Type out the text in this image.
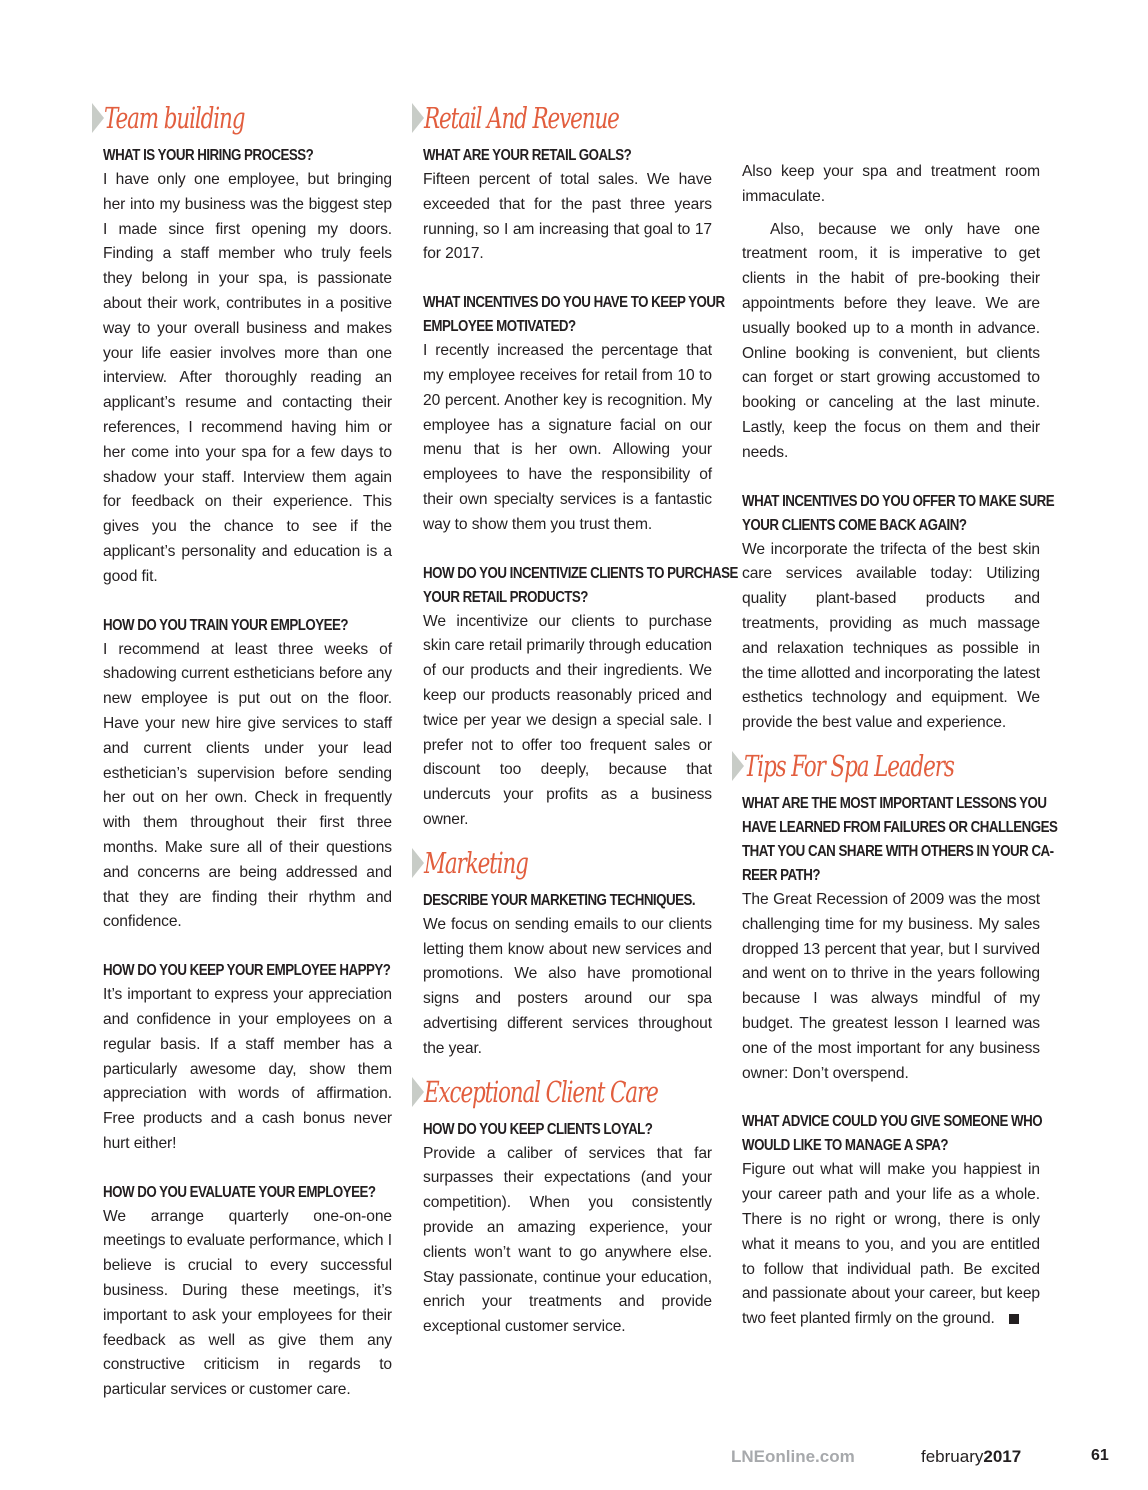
Team building
WHAT IS YOUR HIRING PROCESS?

I have only one employee, but bringing her into my business was the biggest step I made since first opening my doors. Finding a staff member who truly feels they belong in your spa, is passionate about their work, contributes in a positive way to your overall business and makes your life easier involves more than one interview. After thoroughly reading an applicant’s resume and contacting their references, I recommend having him or her come into your spa for a few days to shadow your staff. Interview them again for feedback on their experience. This gives you the chance to see if the applicant’s personality and education is a good fit.

HOW DO YOU TRAIN YOUR EMPLOYEE?

I recommend at least three weeks of shadowing current estheticians before any new employee is put out on the floor. Have your new hire give services to staff and current clients under your lead esthetician’s supervision before sending her out on her own. Check in frequently with them throughout their first three months. Make sure all of their questions and concerns are being addressed and that they are finding their rhythm and confidence.

HOW DO YOU KEEP YOUR EMPLOYEE HAPPY?

It’s important to express your appreciation and confidence in your employees on a regular basis. If a staff member has a particularly awesome day, show them appreciation with words of affirmation. Free products and a cash bonus never hurt either!

HOW DO YOU EVALUATE YOUR EMPLOYEE?

We arrange quarterly one-on-one meetings to evaluate performance, which I believe is crucial to every successful business. During these meetings, it’s important to ask your employees for their feedback as well as give them any constructive criticism in regards to particular services or customer care.

Retail And Revenue
WHAT ARE YOUR RETAIL GOALS?

Fifteen percent of total sales. We have exceeded that for the past three years running, so I am increasing that goal to 17 for 2017.

WHAT INCENTIVES DO YOU HAVE TO KEEP YOUR
EMPLOYEE MOTIVATED?

I recently increased the percentage that my employee receives for retail from 10 to 20 percent. Another key is recognition. My employee has a signature facial on our menu that is her own. Allowing your employees to have the responsibility of their own specialty services is a fantastic way to show them you trust them.

HOW DO YOU INCENTIVIZE CLIENTS TO PURCHASE
YOUR RETAIL PRODUCTS?

We incentivize our clients to purchase skin care retail primarily through education of our products and their ingredients. We keep our products reasonably priced and twice per year we design a special sale. I prefer not to offer too frequent sales or discount too deeply, because that undercuts your profits as a business owner.

Marketing
DESCRIBE YOUR MARKETING TECHNIQUES.

We focus on sending emails to our clients letting them know about new services and promotions. We also have promotional signs and posters around our spa advertising different services throughout the year.

Exceptional Client Care
HOW DO YOU KEEP CLIENTS LOYAL?

Provide a caliber of services that far surpasses their expectations (and your competition). When you consistently provide an amazing experience, your clients won’t want to go anywhere else. Stay passionate, continue your education, enrich your treatments and provide exceptional customer service.

Also keep your spa and treatment room immaculate.

Also, because we only have one treatment room, it is imperative to get clients in the habit of pre-booking their appointments before they leave. We are usually booked up to a month in advance. Online booking is convenient, but clients can forget or start growing accustomed to booking or canceling at the last minute. Lastly, keep the focus on them and their needs.

WHAT INCENTIVES DO YOU OFFER TO MAKE SURE
YOUR CLIENTS COME BACK AGAIN?

We incorporate the trifecta of the best skin care services available today: Utilizing quality plant-based products and treatments, providing as much massage and relaxation techniques as possible in the time allotted and incorporating the latest esthetics technology and equipment. We provide the best value and experience.

Tips For Spa Leaders
WHAT ARE THE MOST IMPORTANT LESSONS YOU
HAVE LEARNED FROM FAILURES OR CHALLENGES
THAT YOU CAN SHARE WITH OTHERS IN YOUR CA-
REER PATH?

The Great Recession of 2009 was the most challenging time for my business. My sales dropped 13 percent that year, but I survived and went on to thrive in the years following because I was always mindful of my budget. The greatest lesson I learned was one of the most important for any business owner: Don’t overspend.

WHAT ADVICE COULD YOU GIVE SOMEONE WHO
WOULD LIKE TO MANAGE A SPA?

Figure out what will make you happiest in your career path and your life as a whole. There is no right or wrong, there is only what it means to you, and you are entitled to follow that individual path. Be excited and passionate about your career, but keep two feet planted firmly on the ground.

LNEonline.com	february2017	61
